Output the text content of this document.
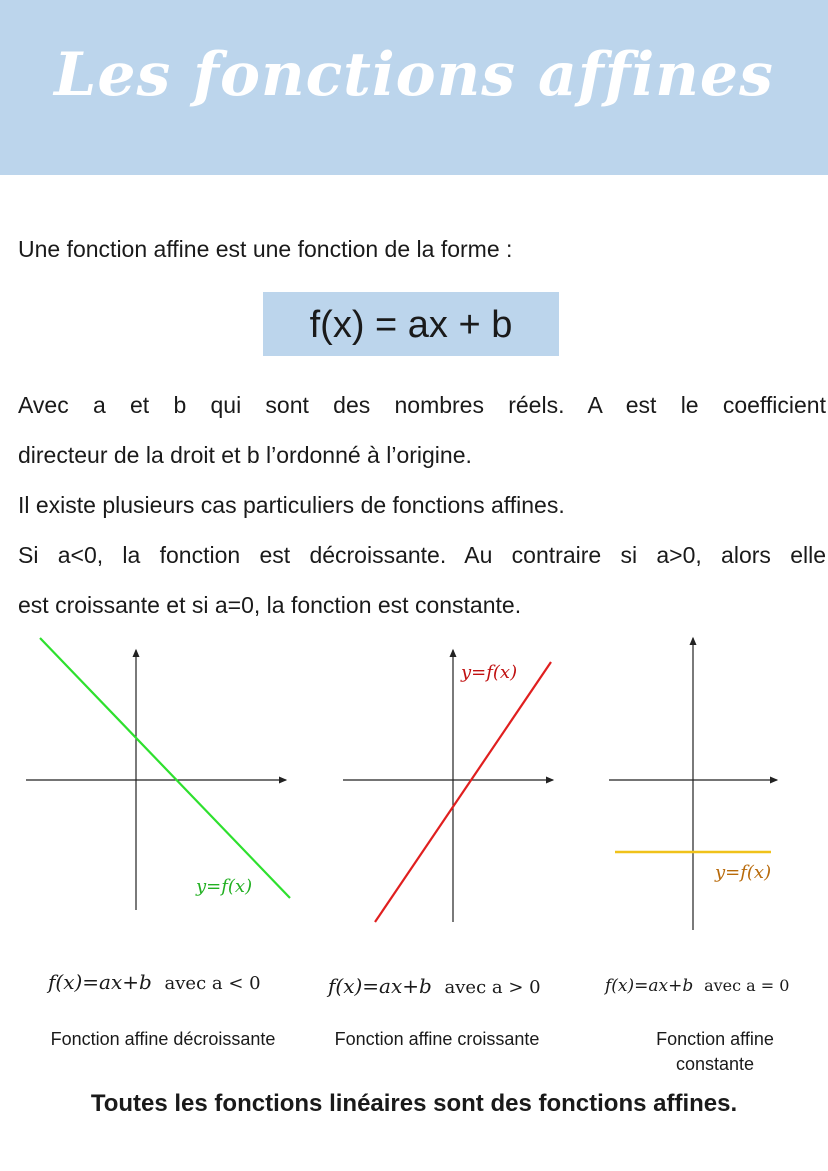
Les fonctions affines
Une fonction affine est une fonction de la forme :
f(x) = ax + b

Avec a et b qui sont des nombres réels. A est le coefficient

directeur de la droit et b l’ordonné à l’origine.

Il existe plusieurs cas particuliers de fonctions affines.

Si a<0, la fonction est décroissante. Au contraire si a>0, alors elle

est croissante et si a=0, la fonction est constante.

y=f(x)
y=f(x)
y=f(x)
f(x)=ax+b avec a < 0	f(x)=ax+b avec a > 0	f(x)=ax+b avec a = 0
Fonction affine décroissante	Fonction affine croissante	Fonction affine constante
Toutes les fonctions linéaires sont des fonctions affines.
